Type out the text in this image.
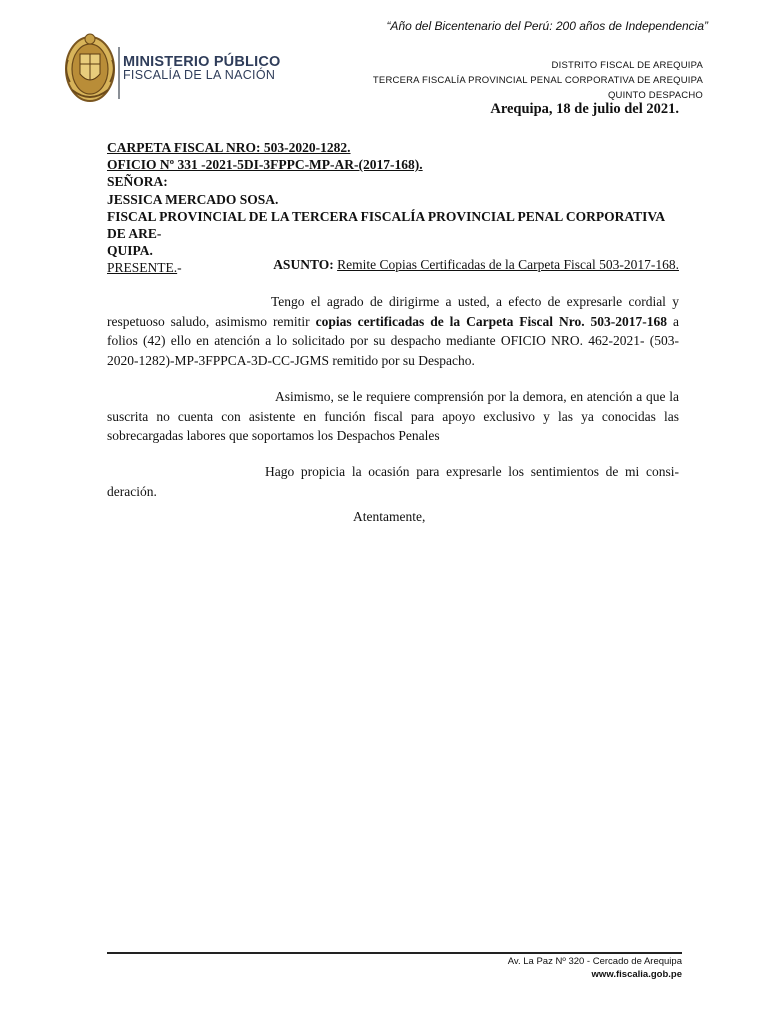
“Año del Bicentenario del Perú: 200 años de Independencia”
MINISTERIO PÚBLICO
FISCALÍA DE LA NACIÓN
DISTRITO FISCAL DE AREQUIPA
TERCERA FISCALÍA PROVINCIAL PENAL CORPORATIVA DE AREQUIPA
QUINTO DESPACHO
Arequipa, 18 de julio del 2021.
CARPETA FISCAL NRO: 503-2020-1282.
OFICIO Nº 331 -2021-5DI-3FPPC-MP-AR-(2017-168).
SEÑORA:
JESSICA MERCADO SOSA.
FISCAL PROVINCIAL DE LA TERCERA FISCALÍA PROVINCIAL PENAL CORPORATIVA DE ARE-
QUIPA.
PRESENTE.-	ASUNTO: Remite Copias Certificadas de la Carpeta Fiscal 503-2017-168.
Tengo el agrado de dirigirme a usted, a efecto de expresarle cordial y respetuoso saludo, asimismo remitir copias certificadas de la Carpeta Fiscal Nro. 503-2017-168 a folios (42) ello en atención a lo solicitado por su despacho mediante OFICIO NRO. 462-2021- (503-2020-1282)-MP-3FPPCA-3D-CC-JGMS remitido por su Despacho.
Asimismo, se le requiere comprensión por la demora, en atención a que la suscrita no cuenta con asistente en función fiscal para apoyo exclusivo y las ya conocidas las sobrecargadas labores que soportamos los Despachos Penales
Hago propicia la ocasión para expresarle los sentimientos de mi consi- deración.
Atentamente,
Av. La Paz Nº 320 - Cercado de Arequipa
www.fiscalia.gob.pe
